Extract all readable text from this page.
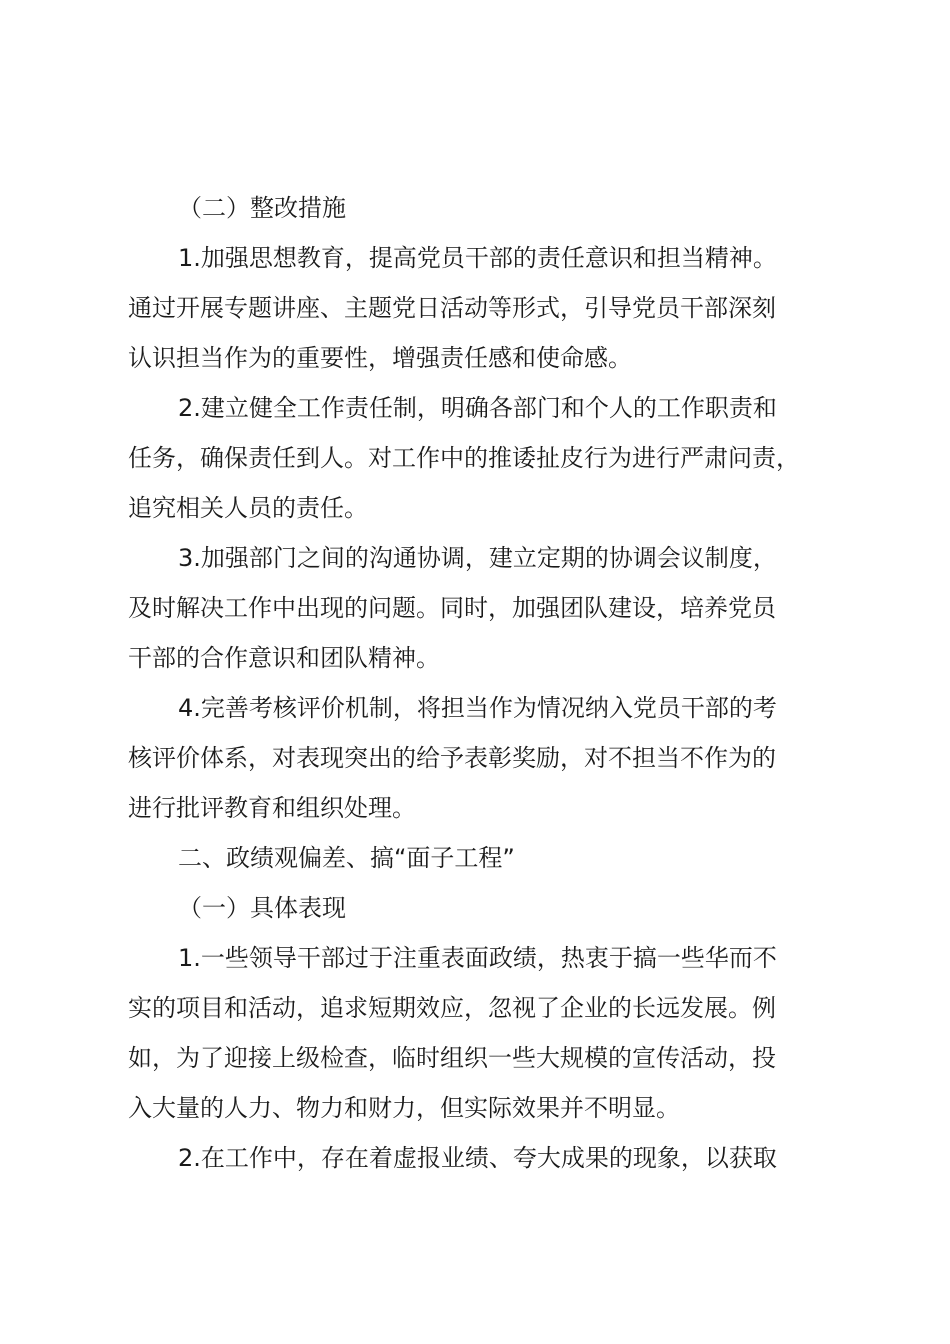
（二）整改措施
1.加强思想教育，提高党员干部的责任意识和担当精神。
通过开展专题讲座、主题党日活动等形式，引导党员干部深刻
认识担当作为的重要性，增强责任感和使命感。
2.建立健全工作责任制，明确各部门和个人的工作职责和
任务，确保责任到人。对工作中的推诿扯皮行为进行严肃问责，
追究相关人员的责任。
3.加强部门之间的沟通协调，建立定期的协调会议制度，
及时解决工作中出现的问题。同时，加强团队建设，培养党员
干部的合作意识和团队精神。
4.完善考核评价机制，将担当作为情况纳入党员干部的考
核评价体系，对表现突出的给予表彰奖励，对不担当不作为的
进行批评教育和组织处理。
二、政绩观偏差、搞“面子工程”
（一）具体表现
1.一些领导干部过于注重表面政绩，热衷于搞一些华而不
实的项目和活动，追求短期效应，忽视了企业的长远发展。例
如，为了迎接上级检查，临时组织一些大规模的宣传活动，投
入大量的人力、物力和财力，但实际效果并不明显。
2.在工作中，存在着虚报业绩、夸大成果的现象，以获取
